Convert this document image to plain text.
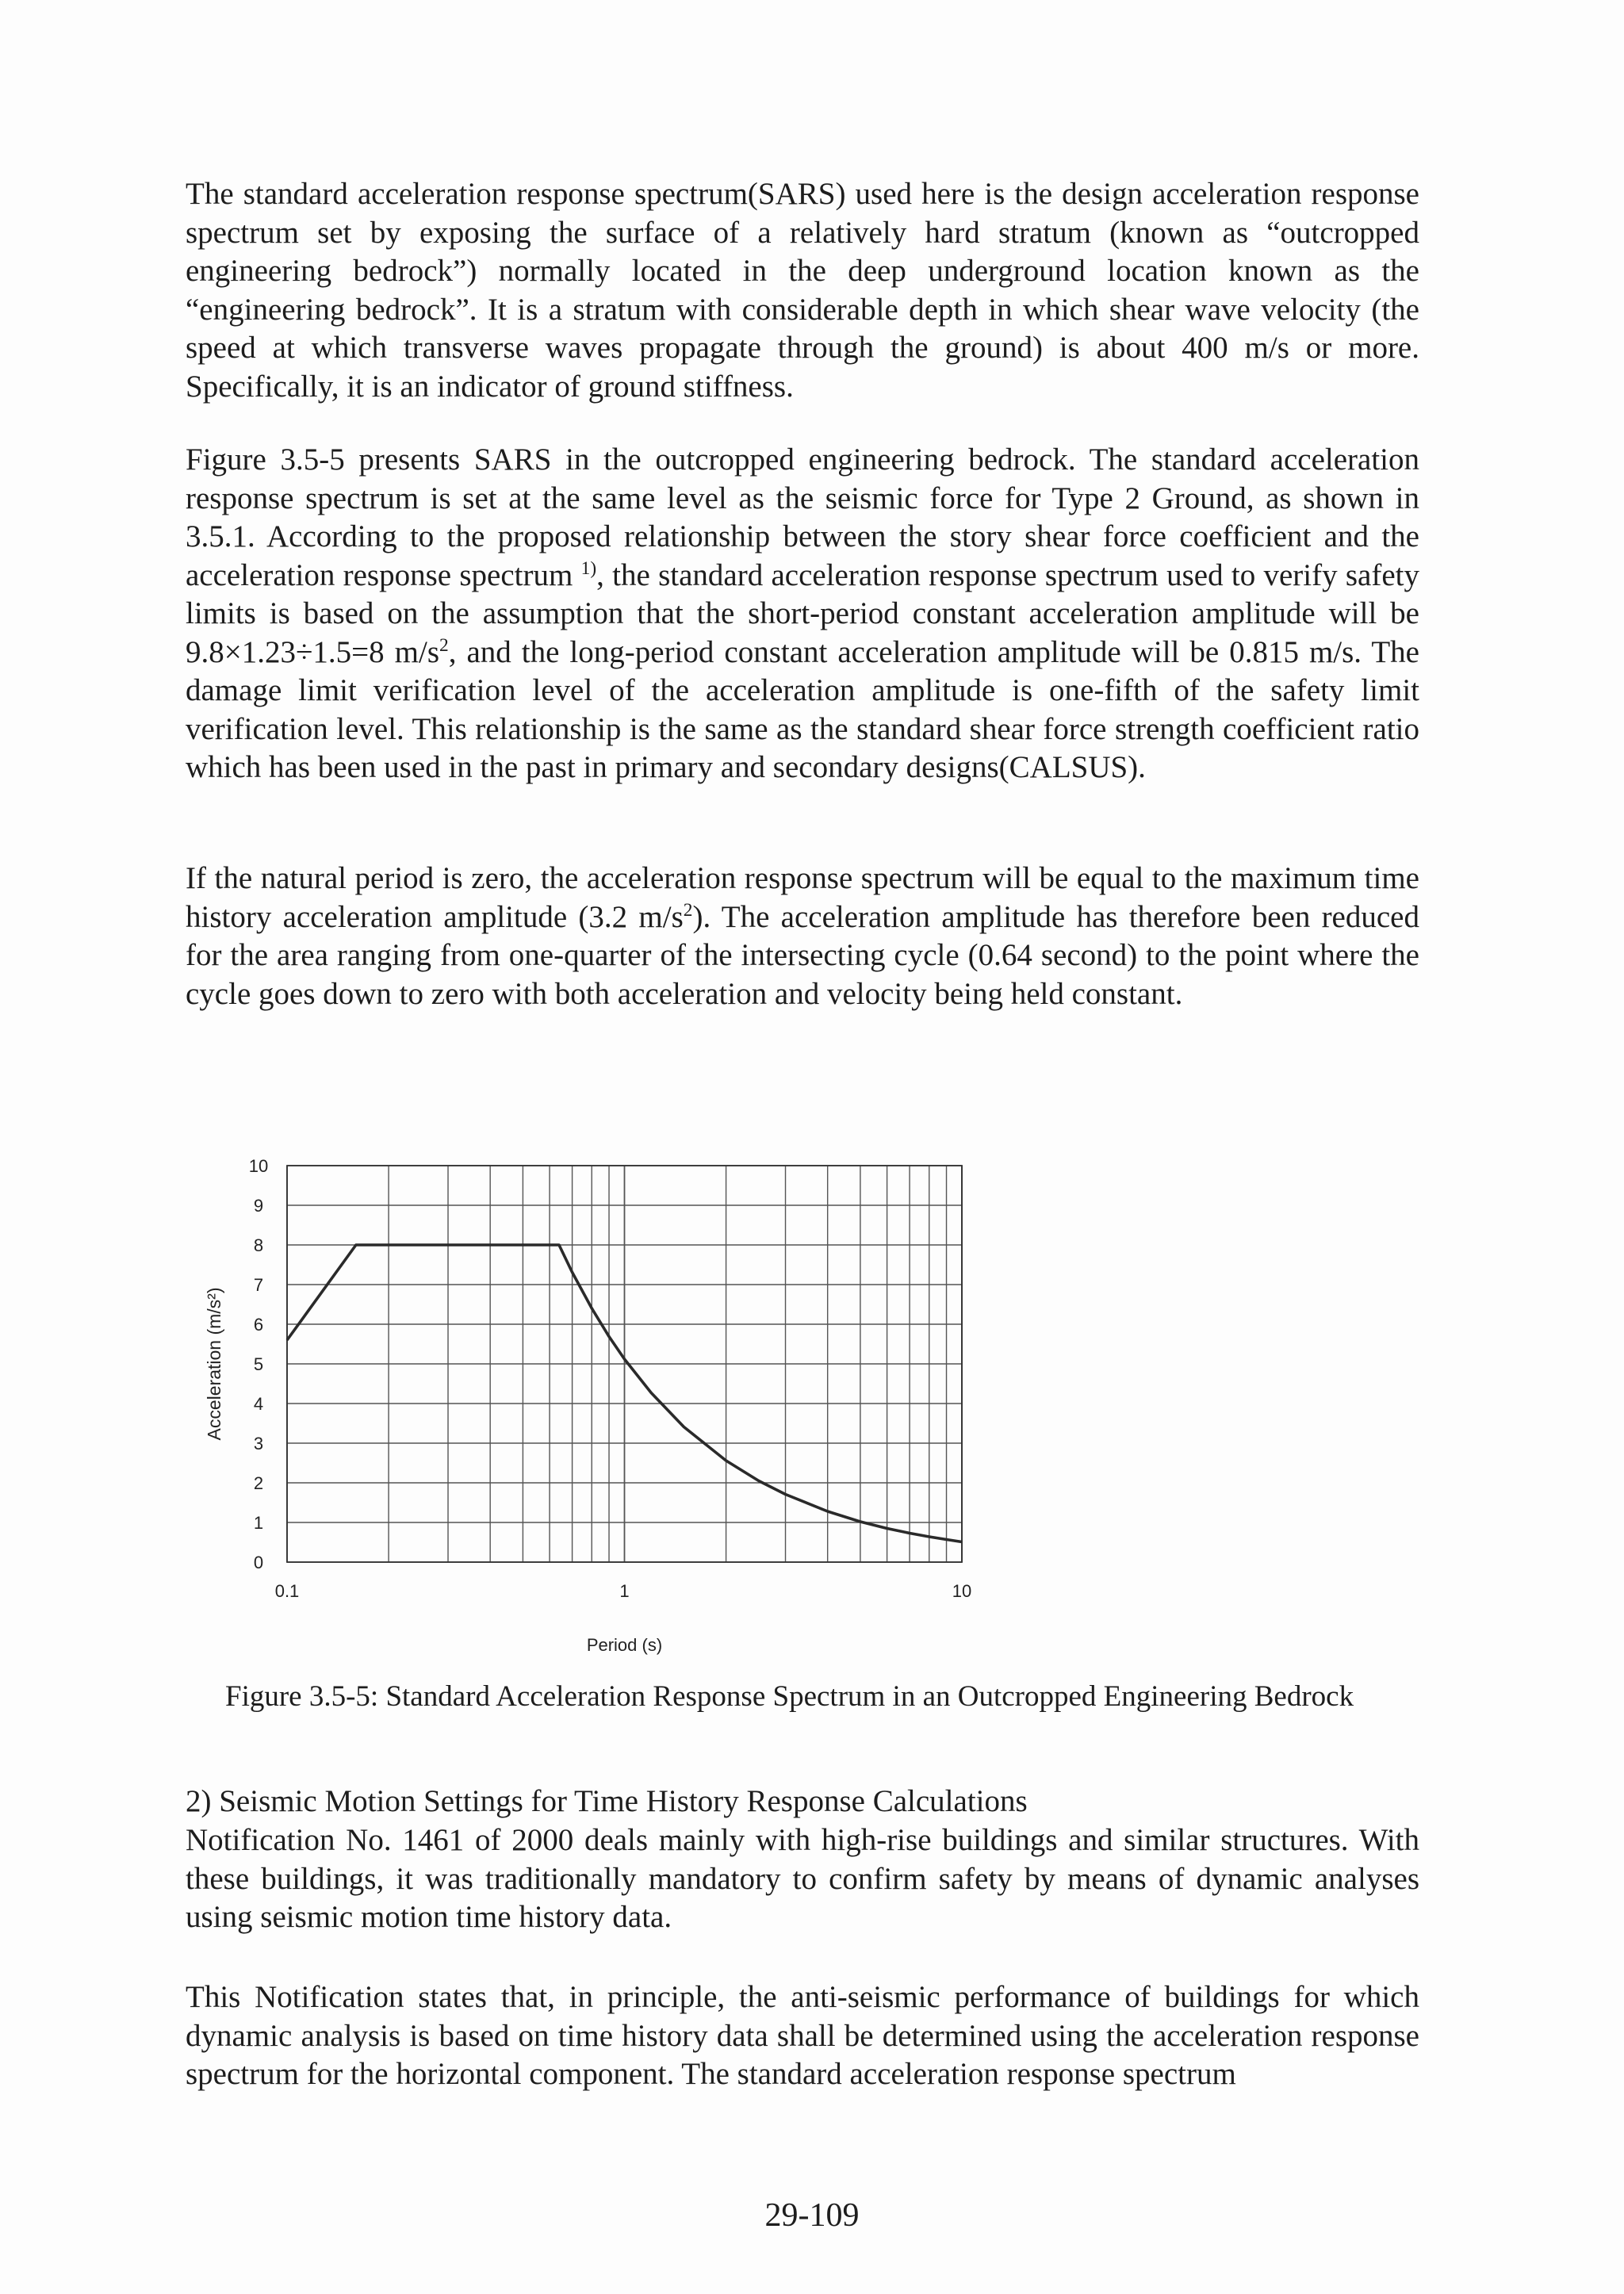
The standard acceleration response spectrum(SARS) used here is the design acceleration response spectrum set by exposing the surface of a relatively hard stratum (known as “outcropped engineering bedrock”) normally located in the deep underground location known as the “engineering bedrock”. It is a stratum with considerable depth in which shear wave velocity (the speed at which transverse waves propagate through the ground) is about 400 m/s or more. Specifically, it is an indicator of ground stiffness.

Figure 3.5-5 presents SARS in the outcropped engineering bedrock. The standard acceleration response spectrum is set at the same level as the seismic force for Type 2 Ground, as shown in 3.5.1. According to the proposed relationship between the story shear force coefficient and the acceleration response spectrum $^{1)}$, the standard acceleration response spectrum used to verify safety limits is based on the assumption that the short-period constant acceleration amplitude will be 9.8×1.23÷1.5=8 $m/s^2$, and the long-period constant acceleration amplitude will be 0.815 m/s. The damage limit verification level of the acceleration amplitude is one-fifth of the safety limit verification level. This relationship is the same as the standard shear force strength coefficient ratio which has been used in the past in primary and secondary designs(CALSUS).

If the natural period is zero, the acceleration response spectrum will be equal to the maximum time history acceleration amplitude (3.2 $m/s^2$). The acceleration amplitude has therefore been reduced for the area ranging from one-quarter of the intersecting cycle (0.64 second) to the point where the cycle goes down to zero with both acceleration and velocity being held constant.

0
1
2
3
4
5
6
7
8
9
10
0.1	1	10
Period (s)
Acceleration (m/s²)

Figure 3.5-5: Standard Acceleration Response Spectrum in an Outcropped Engineering Bedrock

2) Seismic Motion Settings for Time History Response Calculations

Notification No. 1461 of 2000 deals mainly with high-rise buildings and similar structures. With these buildings, it was traditionally mandatory to confirm safety by means of dynamic analyses using seismic motion time history data.

This Notification states that, in principle, the anti-seismic performance of buildings for which dynamic analysis is based on time history data shall be determined using the acceleration response spectrum for the horizontal component. The standard acceleration response spectrum

29-109
